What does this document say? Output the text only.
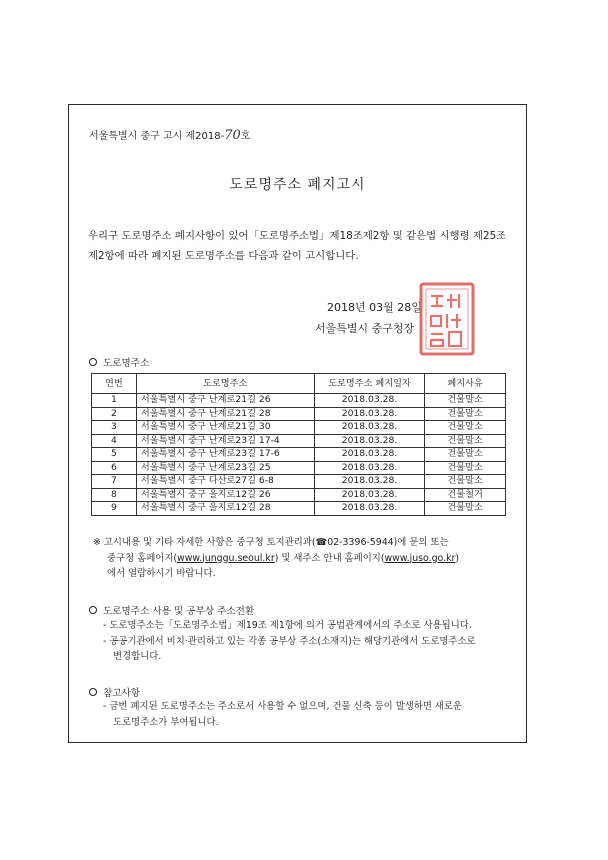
서울특별시 중구 고시 제2018-70호
도로명주소 폐지고시
우리구 도로명주소 폐지사항이 있어「도로명주소법」제18조제2항 및 같은법 시행령 제25조 제2항에 따라 폐지된 도로명주소를 다음과 같이 고시합니다.
2018년 03월 28일
서울특별시 중구청장
도로명주소
연번	도로명주소	도로명주소 폐지일자	폐지사유
1	서울특별시 중구 난계로21길 26	2018.03.28.	건물말소
2	서울특별시 중구 난계로21길 28	2018.03.28.	건물말소
3	서울특별시 중구 난계로21길 30	2018.03.28.	건물말소
4	서울특별시 중구 난계로23길 17-4	2018.03.28.	건물말소
5	서울특별시 중구 난계로23길 17-6	2018.03.28.	건물말소
6	서울특별시 중구 난계로23길 25	2018.03.28.	건물말소
7	서울특별시 중구 다산로27길 6-8	2018.03.28.	건물말소
8	서울특별시 중구 을지로12길 26	2018.03.28.	건물철거
9	서울특별시 중구 을지로12길 28	2018.03.28.	건물말소
※ 고시내용 및 기타 자세한 사항은 중구청 토지관리과(☎02-3396-5944)에 문의 또는
중구청 홈페이지(www.junggu.seoul.kr) 및 새주소 안내 홈페이지(www.juso.go.kr)
에서 열람하시기 바랍니다.
도로명주소 사용 및 공부상 주소전환
- 도로명주소는「도로명주소법」제19조 제1항에 의거 공법관계에서의 주소로 사용됩니다.
- 공공기관에서 비치·관리하고 있는 각종 공부상 주소(소재지)는 해당기관에서 도로명주소로
변경합니다.
참고사항
- 금번 폐지된 도로명주소는 주소로서 사용할 수 없으며, 건물 신축 등이 발생하면 새로운
도로명주소가 부여됩니다.
